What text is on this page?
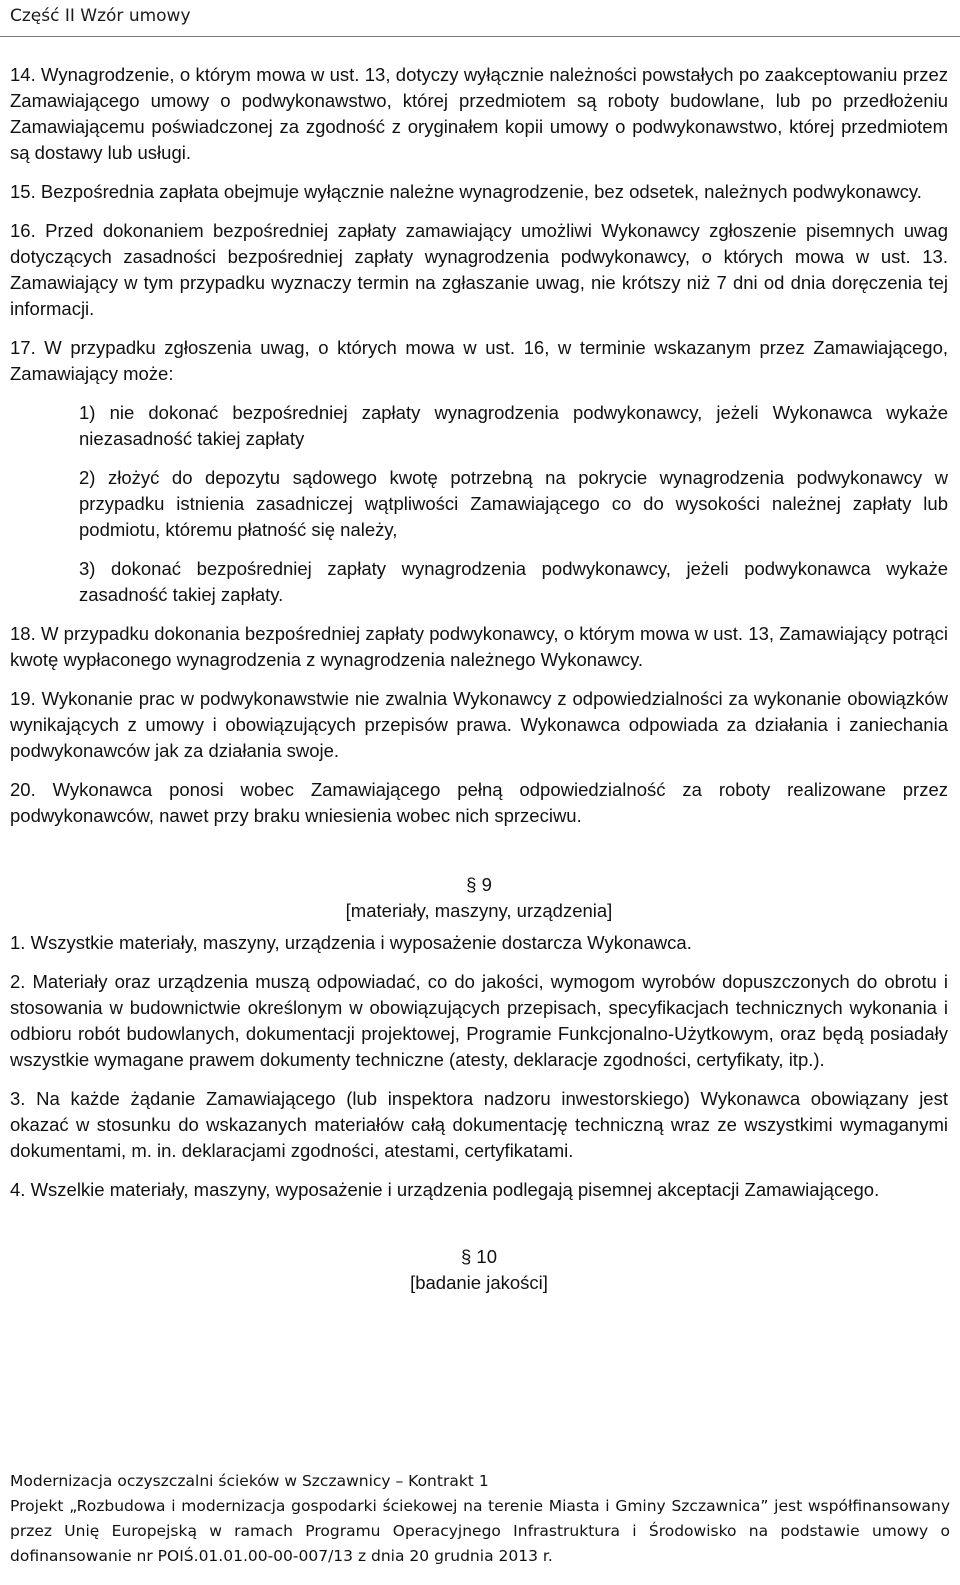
Część II Wzór umowy

14. Wynagrodzenie, o którym mowa w ust. 13, dotyczy wyłącznie należności powstałych po zaakceptowaniu przez Zamawiającego umowy o podwykonawstwo, której przedmiotem są roboty budowlane, lub po przedłożeniu Zamawiającemu poświadczonej za zgodność z oryginałem kopii umowy o podwykonawstwo, której przedmiotem są dostawy lub usługi.

15. Bezpośrednia zapłata obejmuje wyłącznie należne wynagrodzenie, bez odsetek, należnych podwykonawcy.

16. Przed dokonaniem bezpośredniej zapłaty zamawiający umożliwi Wykonawcy zgłoszenie pisemnych uwag dotyczących zasadności bezpośredniej zapłaty wynagrodzenia podwykonawcy, o których mowa w ust. 13. Zamawiający w tym przypadku wyznaczy termin na zgłaszanie uwag, nie krótszy niż 7 dni od dnia doręczenia tej informacji.

17. W przypadku zgłoszenia uwag, o których mowa w ust. 16, w terminie wskazanym przez Zamawiającego, Zamawiający może:

1) nie dokonać bezpośredniej zapłaty wynagrodzenia podwykonawcy, jeżeli Wykonawca wykaże niezasadność takiej zapłaty

2) złożyć do depozytu sądowego kwotę potrzebną na pokrycie wynagrodzenia podwykonawcy w przypadku istnienia zasadniczej wątpliwości Zamawiającego co do wysokości należnej zapłaty lub podmiotu, któremu płatność się należy,

3) dokonać bezpośredniej zapłaty wynagrodzenia podwykonawcy, jeżeli podwykonawca wykaże zasadność takiej zapłaty.

18. W przypadku dokonania bezpośredniej zapłaty podwykonawcy, o którym mowa w ust. 13, Zamawiający potrąci kwotę wypłaconego wynagrodzenia z wynagrodzenia należnego Wykonawcy.

19. Wykonanie prac w podwykonawstwie nie zwalnia Wykonawcy z odpowiedzialności za wykonanie obowiązków wynikających z umowy i obowiązujących przepisów prawa. Wykonawca odpowiada za działania i zaniechania podwykonawców jak za działania swoje.

20. Wykonawca ponosi wobec Zamawiającego pełną odpowiedzialność za roboty realizowane przez podwykonawców, nawet przy braku wniesienia wobec nich sprzeciwu.

§ 9
[materiały, maszyny, urządzenia]

1. Wszystkie materiały, maszyny, urządzenia i wyposażenie dostarcza Wykonawca.

2. Materiały oraz urządzenia muszą odpowiadać, co do jakości, wymogom wyrobów dopuszczonych do obrotu i stosowania w budownictwie określonym w obowiązujących przepisach, specyfikacjach technicznych wykonania i odbioru robót budowlanych, dokumentacji projektowej, Programie Funkcjonalno-Użytkowym, oraz będą posiadały wszystkie wymagane prawem dokumenty techniczne (atesty, deklaracje zgodności, certyfikaty, itp.).

3. Na każde żądanie Zamawiającego (lub inspektora nadzoru inwestorskiego) Wykonawca obowiązany jest okazać w stosunku do wskazanych materiałów całą dokumentację techniczną wraz ze wszystkimi wymaganymi dokumentami, m. in. deklaracjami zgodności, atestami, certyfikatami.

4. Wszelkie materiały, maszyny, wyposażenie i urządzenia podlegają pisemnej akceptacji Zamawiającego.

§ 10
[badanie jakości]
Modernizacja oczyszczalni ścieków w Szczawnicy – Kontrakt 1
Projekt „Rozbudowa i modernizacja gospodarki ściekowej na terenie Miasta i Gminy Szczawnica” jest współfinansowany przez Unię Europejską w ramach Programu Operacyjnego Infrastruktura i Środowisko na podstawie umowy o dofinansowanie nr POIŚ.01.01.00-00-007/13 z dnia 20 grudnia 2013 r.
